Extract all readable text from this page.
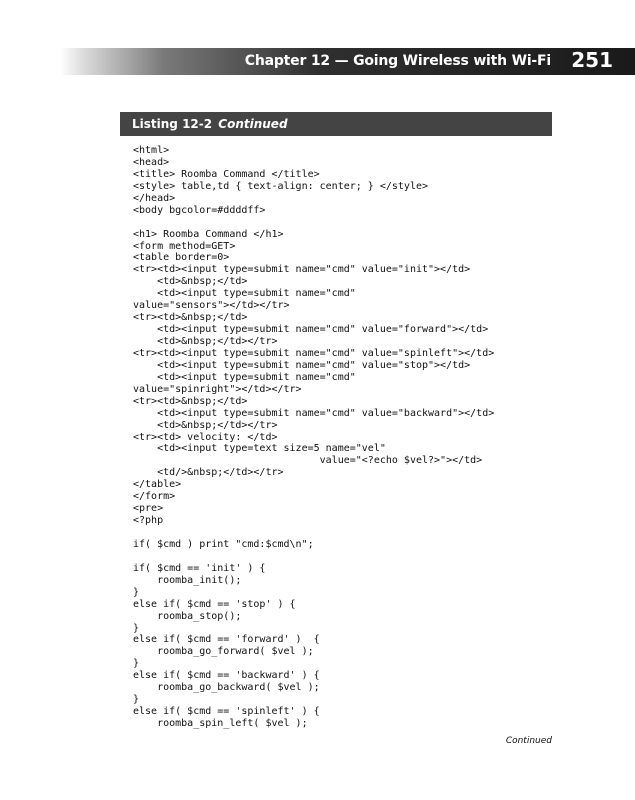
Chapter 12 — Going Wireless with Wi-Fi 251
Listing 12-2 Continued
<html>
<head>
<title> Roomba Command </title>
<style> table,td { text-align: center; } </style>
</head>
<body bgcolor=#ddddff>
<h1> Roomba Command </h1>
<form method=GET>
<table border=0>
<tr><td><input type=submit name="cmd" value="init"></td>
<td>&nbsp;</td>
<td><input type=submit name="cmd"
value="sensors"></td></tr>
<tr><td>&nbsp;</td>
<td><input type=submit name="cmd" value="forward"></td>
<td>&nbsp;</td></tr>
<tr><td><input type=submit name="cmd" value="spinleft"></td>
<td><input type=submit name="cmd" value="stop"></td>
<td><input type=submit name="cmd"
value="spinright"></td></tr>
<tr><td>&nbsp;</td>
<td><input type=submit name="cmd" value="backward"></td>
<td>&nbsp;</td></tr>
<tr><td> velocity: </td>
<td><input type=text size=5 name="vel"
value="<?echo $vel?>"></td>
<td/>&nbsp;</td></tr>
</table>
</form>
<pre>
<?php
if( $cmd ) print "cmd:$cmd\n";
if( $cmd == 'init' ) {
roomba_init();
}
else if( $cmd == 'stop' ) {
roomba_stop();
}
else if( $cmd == 'forward' )  {
roomba_go_forward( $vel );
}
else if( $cmd == 'backward' ) {
roomba_go_backward( $vel );
}
else if( $cmd == 'spinleft' ) {
roomba_spin_left( $vel );
Continued
